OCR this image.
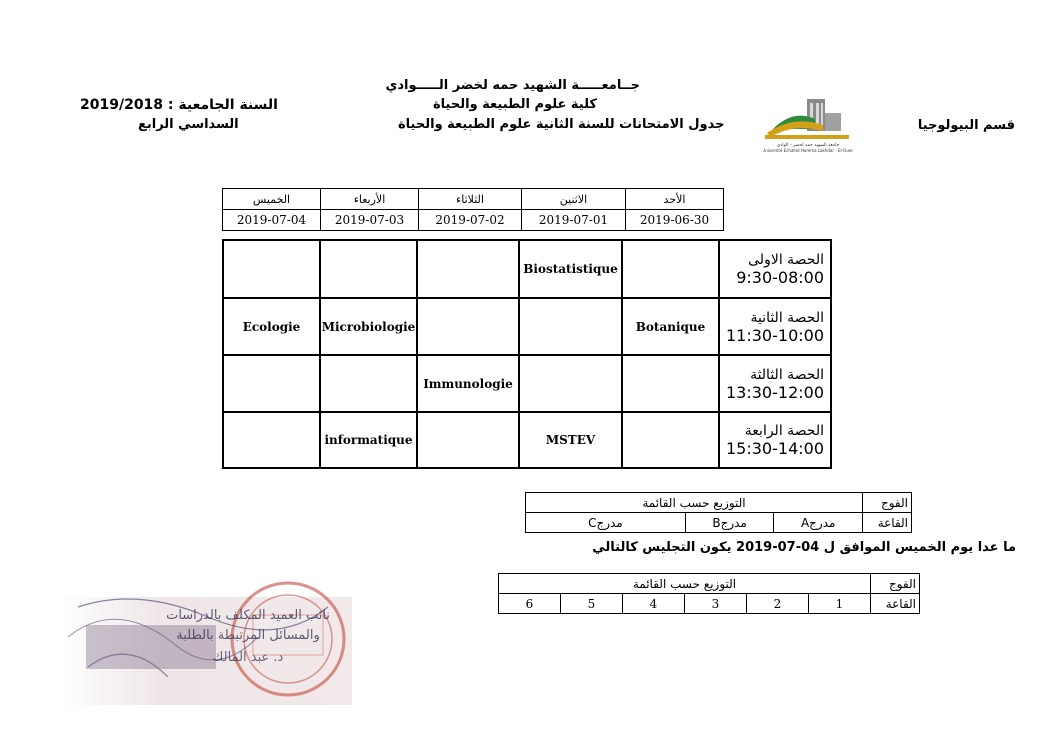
جــامعـــــة الشهيد حمه لخضر الـــــوادي
كلية علوم الطبيعة والحياة
جدول الامتحانات للسنة الثانية علوم الطبيعة والحياة	قسم البيولوجيا
السنة الجامعية : 2019/2018
السداسي الرابع
جامعة الشهيد حمه لخضر - الوادي
Université Echahid Hamma Lakhdar - El-Oued
الخميس	الأربعاء	الثلاثاء	الاثنين	الأحد
2019-07-04	2019-07-03	2019-07-02	2019-07-01	2019-06-30
			Biostatistique		الحصة الاولى
9:30-08:00

Ecologie	Microbiologie			Botanique	الحصة الثانية
11:30-10:00

		Immunologie			الحصة الثالثة
13:30-12:00

	informatique		MSTEV		الحصة الرابعة
15:30-14:00
التوزيع حسب القائمة			الفوج
مدرجC	مدرجB	مدرجA	القاعة
ما عدا يوم الخميس الموافق ل 04-07-2019 يكون التجليس كالتالي
التوزيع حسب القائمة						الفوج
6	5	4	3	2	1	القاعة
نائب العميد المكلف بالدراسات
والمسائل المرتبطة بالطلبة
د. عبد المالك
